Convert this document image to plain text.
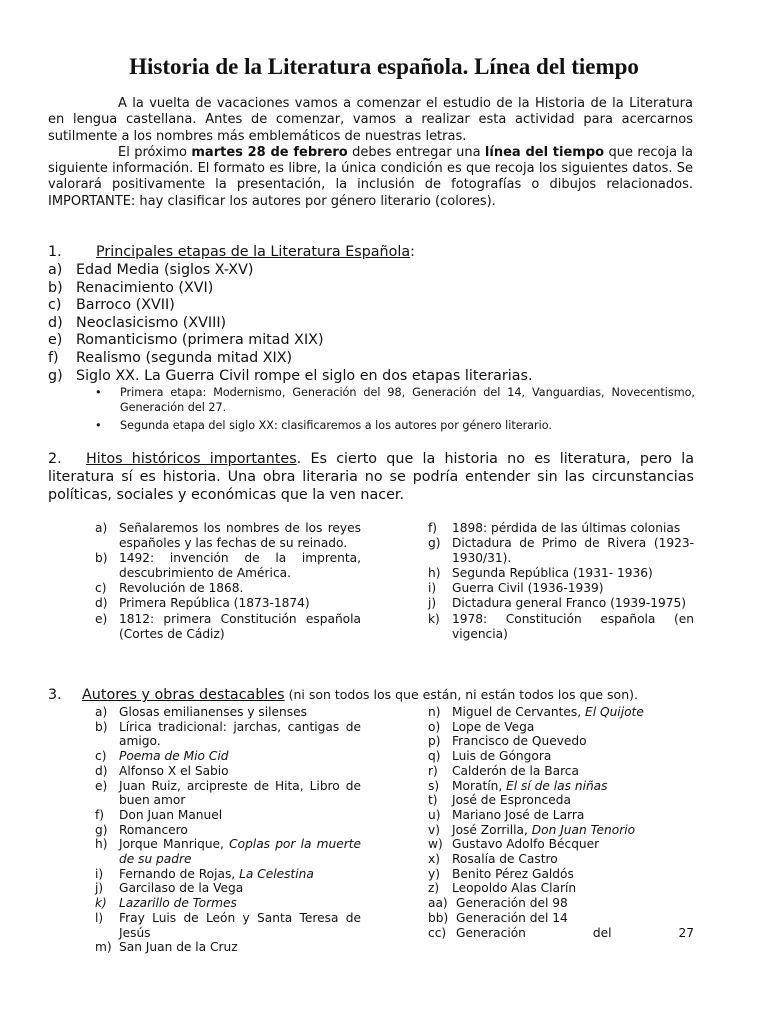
Historia de la Literatura española. Línea del tiempo

A la vuelta de vacaciones vamos a comenzar el estudio de la Historia de la Literatura en lengua castellana. Antes de comenzar, vamos a realizar esta actividad para acercarnos sutilmente a los nombres más emblemáticos de nuestras letras.

El próximo martes 28 de febrero debes entregar una línea del tiempo que recoja la siguiente información. El formato es libre, la única condición es que recoja los siguientes datos. Se valorará positivamente la presentación, la inclusión de fotografías o dibujos relacionados. IMPORTANTE: hay clasificar los autores por género literario (colores).

1. Principales etapas de la Literatura Española:
a) Edad Media (siglos X-XV)
b) Renacimiento (XVI)
c)	Barroco (XVII)
d) Neoclasicismo (XVIII)
e) Romanticismo (primera mitad XIX)
f)	Realismo (segunda mitad XIX)
g) Siglo XX. La Guerra Civil rompe el siglo en dos etapas literarias.
•	Primera etapa: Modernismo, Generación del 98, Generación del 14, Vanguardias, Novecentismo, Generación del 27.
•	Segunda etapa del siglo XX: clasificaremos a los autores por género literario.
2. Hitos históricos importantes. Es cierto que la historia no es literatura, pero la literatura sí es historia. Una obra literaria no se podría entender sin las circunstancias políticas, sociales y económicas que la ven nacer.
a) Señalaremos los nombres de los reyes españoles y las fechas de su reinado.
b) 1492: invención de la imprenta, descubrimiento de América.
c)	Revolución de 1868.
d) Primera República (1873-1874)
e) 1812: primera Constitución española (Cortes de Cádiz)
f)	1898: pérdida de las últimas colonias
g) Dictadura de Primo de Rivera (1923-1930/31).
h) Segunda República (1931- 1936)
i)	Guerra Civil (1936-1939)
j)	Dictadura general Franco (1939-1975)
k) 1978: Constitución española (en vigencia)
3. Autores y obras destacables (ni son todos los que están, ni están todos los que son).
a) Glosas emilianenses y silenses
b) Lírica tradicional: jarchas, cantigas de amigo.
c)	Poema de Mio Cid
d) Alfonso X el Sabio
e) Juan Ruiz, arcipreste de Hita, Libro de buen amor
f)	Don Juan Manuel
g) Romancero
h) Jorque Manrique, Coplas por la muerte de su padre
i)	Fernando de Rojas, La Celestina
j)	Garcilaso de la Vega
k) Lazarillo de Tormes
l)	Fray Luis de León y Santa Teresa de Jesús
m) San Juan de la Cruz
n) Miguel de Cervantes, El Quijote
o) Lope de Vega
p) Francisco de Quevedo
q) Luis de Góngora
r)	Calderón de la Barca
s)	Moratín, El sí de las niñas
t)	José de Espronceda
u) Mariano José de Larra
v) José Zorrilla, Don Juan Tenorio
w) Gustavo Adolfo Bécquer
x) Rosalía de Castro
y) Benito Pérez Galdós
z)	Leopoldo Alas Clarín
aa) Generación del 98
bb) Generación del 14
cc) Generación	del	27
